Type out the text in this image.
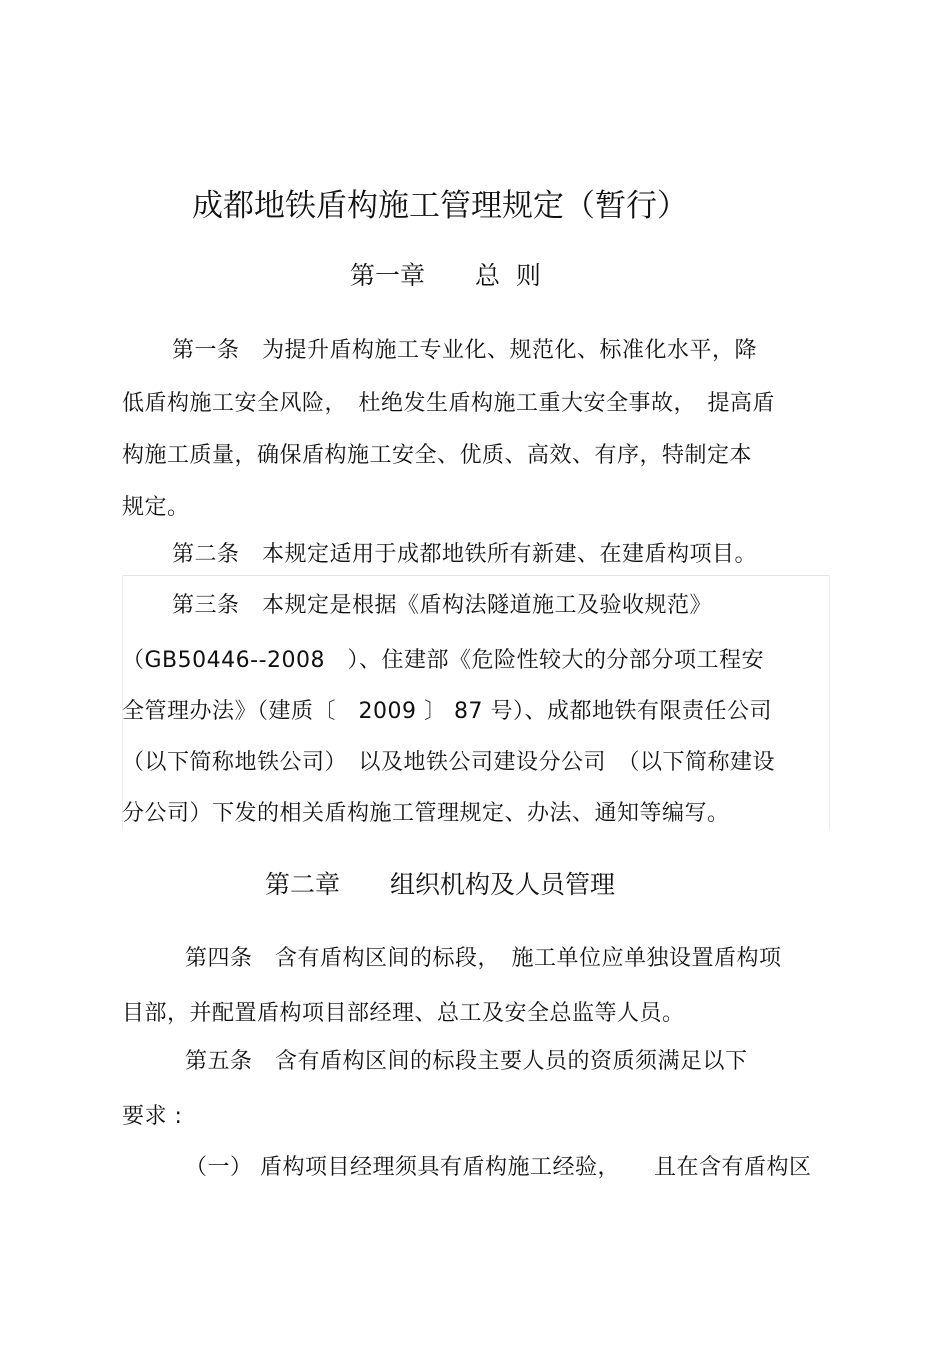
成都地铁盾构施工管理规定（暂行）
第一章　　总  则
第一条　为提升盾构施工专业化、规范化、标准化水平，降
低盾构施工安全风险，　杜绝发生盾构施工重大安全事故，　提高盾
构施工质量，确保盾构施工安全、优质、高效、有序，特制定本
规定。
第二条　本规定适用于成都地铁所有新建、在建盾构项目。
第三条　本规定是根据《盾构法隧道施工及验收规范》
（GB50446--2008　）、住建部《危险性较大的分部分项工程安
全管理办法》（建质〔　2009 〕 87 号）、成都地铁有限责任公司
（以下简称地铁公司）　以及地铁公司建设分公司　（以下简称建设
分公司）下发的相关盾构施工管理规定、办法、通知等编写。
第二章　　组织机构及人员管理
第四条　含有盾构区间的标段，　施工单位应单独设置盾构项
目部，并配置盾构项目部经理、总工及安全总监等人员。
第五条　含有盾构区间的标段主要人员的资质须满足以下
要求 :
（一） 盾构项目经理须具有盾构施工经验，　　且在含有盾构区
